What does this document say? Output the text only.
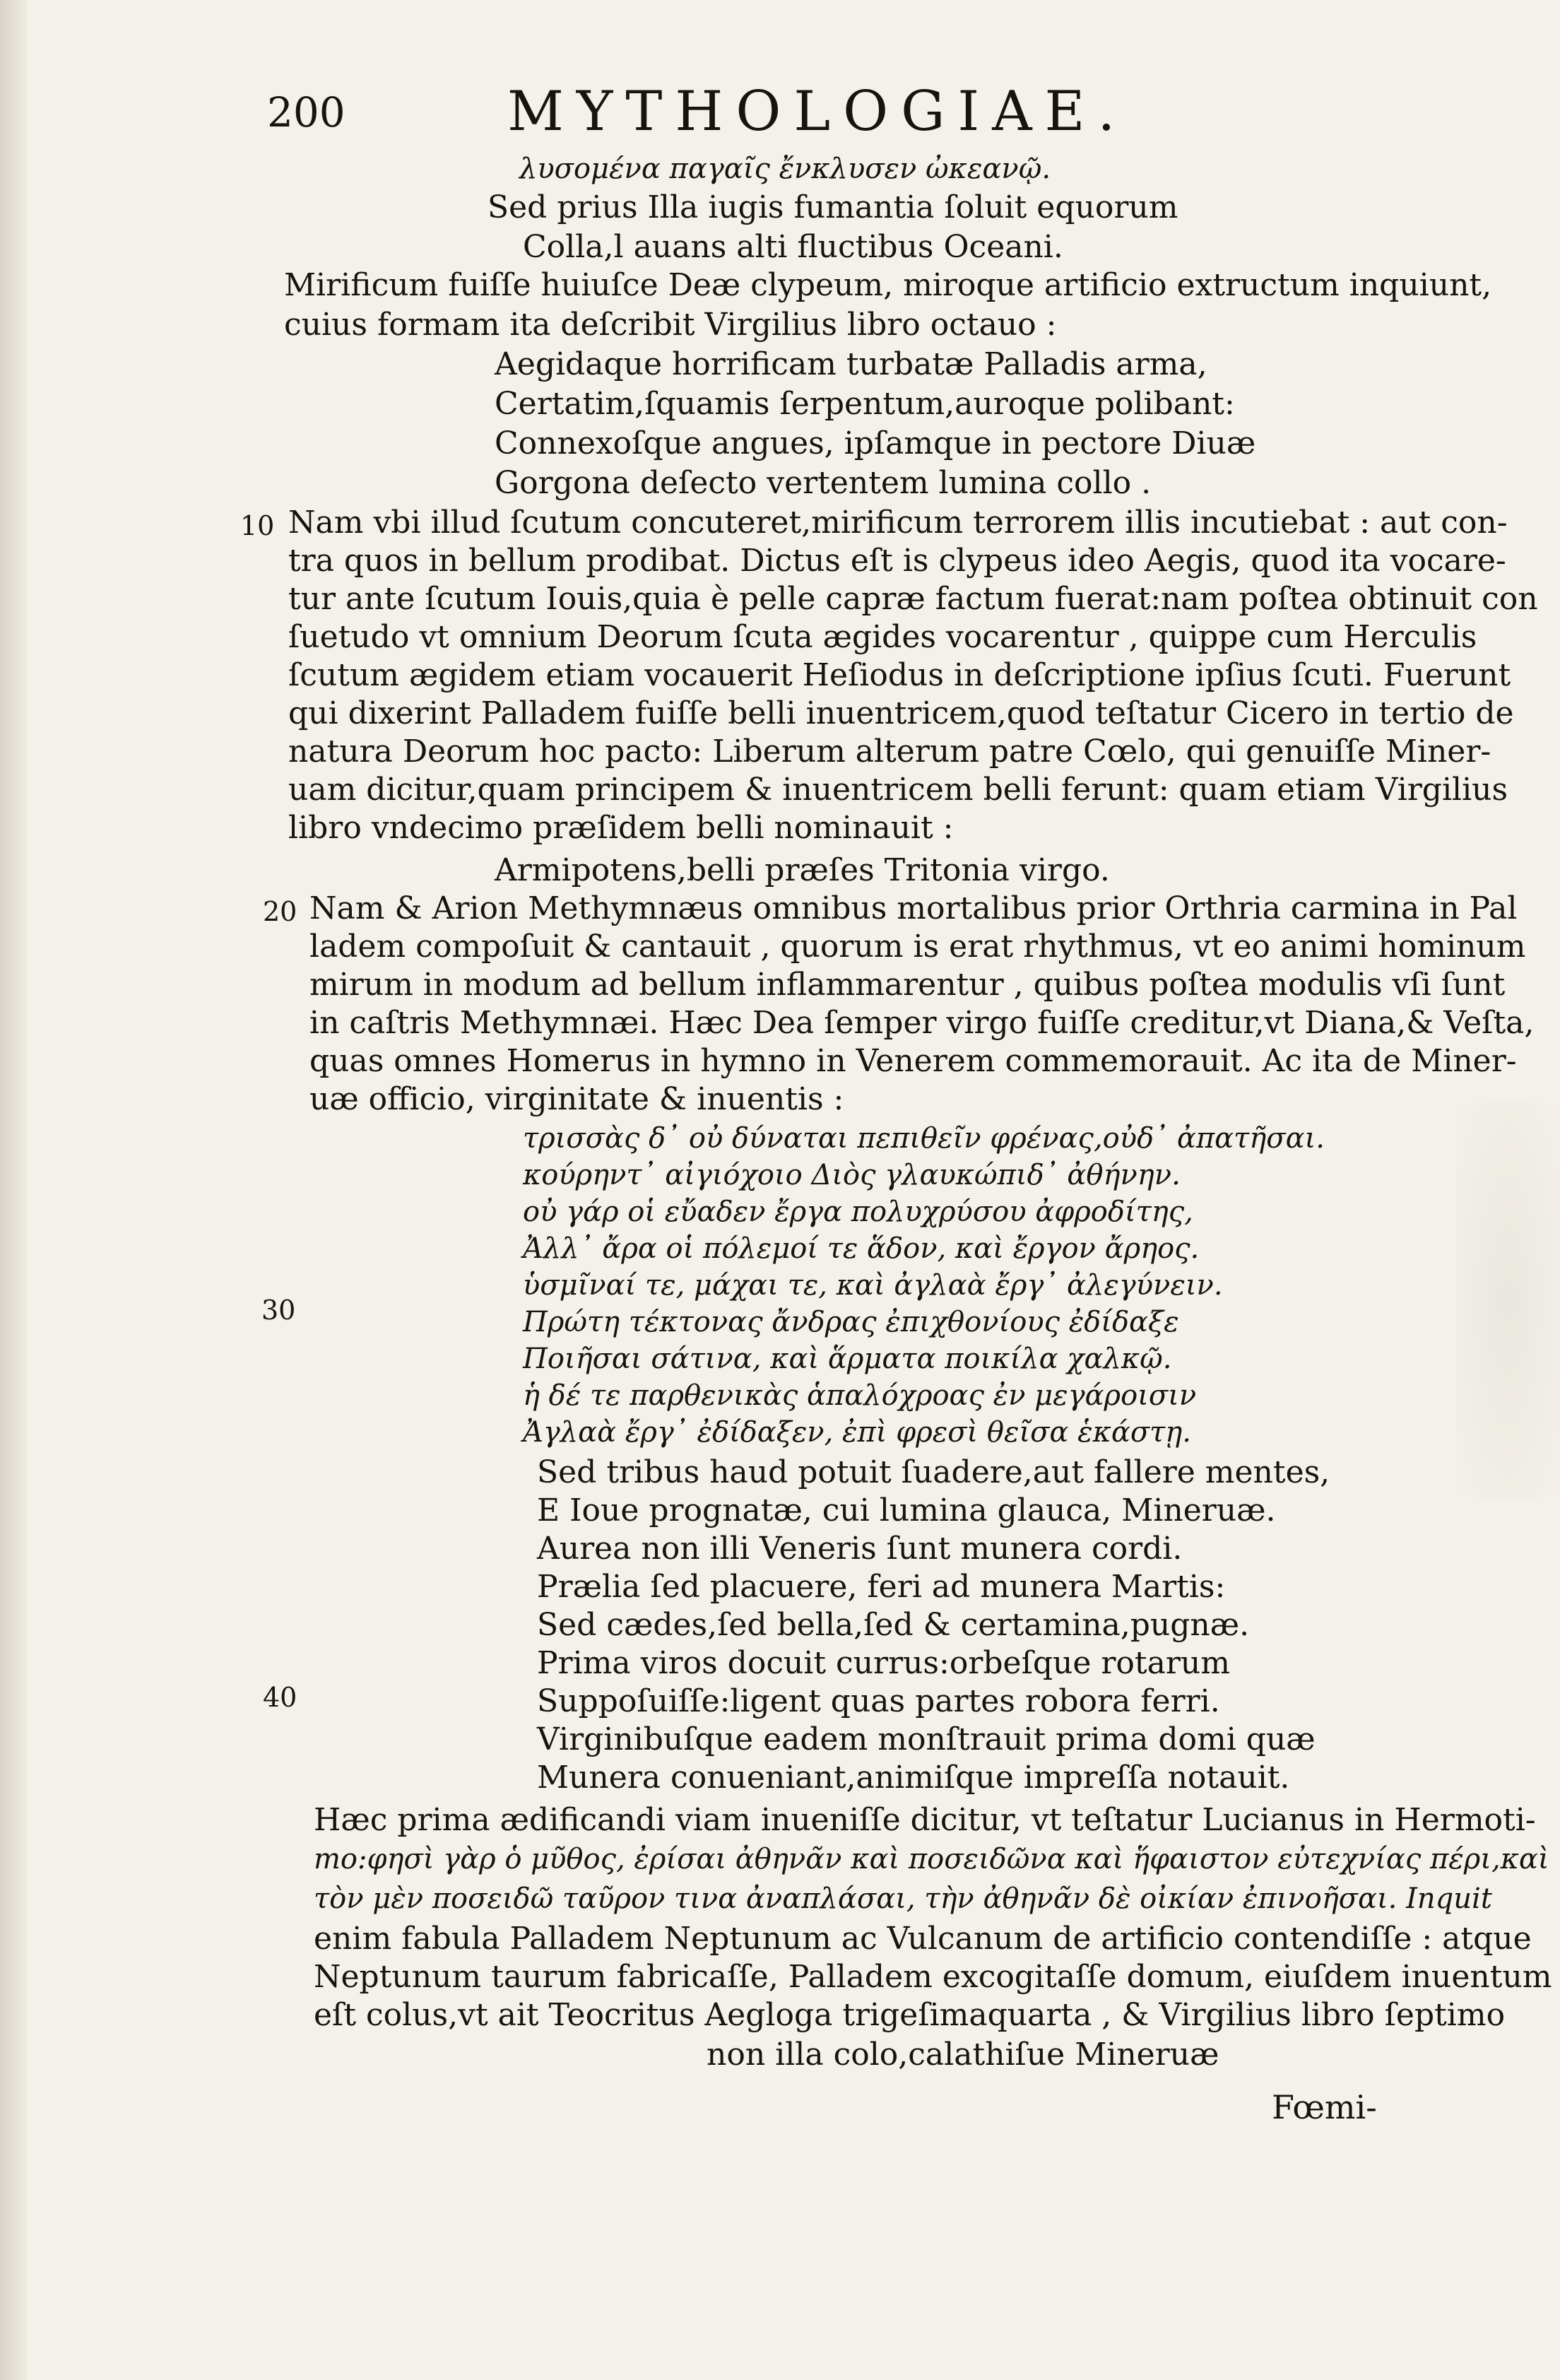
200	MYTHOLOGIAE.
λυσομένα παγαῖς ἔνκλυσεν ὠκεανῷ.
Sed prius Illa iugis fumantia ſoluit equorum
Colla,l auans alti fluctibus Oceani.
Mirificum fuiſſe huiuſce Deæ clypeum, miroque artificio extructum inquiunt,
cuius formam ita deſcribit Virgilius libro octauo :
Aegidaque horrificam turbatæ Palladis arma,
Certatim,ſquamis ſerpentum,auroque polibant:
Connexoſque angues, ipſamque in pectore Diuæ
Gorgona deſecto vertentem lumina collo .
Nam vbi illud ſcutum concuteret,mirificum terrorem illis incutiebat : aut con-
tra quos in bellum prodibat. Dictus eſt is clypeus ideo Aegis, quod ita vocare-
tur ante ſcutum Iouis,quia è pelle capræ factum fuerat:nam poſtea obtinuit con
ſuetudo vt omnium Deorum ſcuta ægides vocarentur , quippe cum Herculis
ſcutum ægidem etiam vocauerit Heſiodus in deſcriptione ipſius ſcuti. Fuerunt
qui dixerint Palladem fuiſſe belli inuentricem,quod teſtatur Cicero in tertio de
natura Deorum hoc pacto: Liberum alterum patre Cœlo, qui genuiſſe Miner-
uam dicitur,quam principem & inuentricem belli ferunt: quam etiam Virgilius
libro vndecimo præſidem belli nominauit :
Armipotens,belli præſes Tritonia virgo.
Nam & Arion Methymnæus omnibus mortalibus prior Orthria carmina in Pal
ladem compoſuit & cantauit , quorum is erat rhythmus, vt eo animi hominum
mirum in modum ad bellum inflammarentur , quibus poſtea modulis vſi ſunt
in caſtris Methymnæi. Hæc Dea ſemper virgo fuiſſe creditur,vt Diana,& Veſta,
quas omnes Homerus in hymno in Venerem commemorauit. Ac ita de Miner-
uæ officio, virginitate & inuentis :
τρισσὰς δ᾽ οὐ δύναται πεπιθεῖν φρένας,οὐδ᾽ ἀπατῆσαι.
κούρηντ᾽ αἰγιόχοιο Διὸς γλαυκώπιδ᾽ ἀθήνην.
οὐ γάρ οἱ εὔαδεν ἔργα πολυχρύσου ἀφροδίτης,
Ἀλλ᾽ ἄρα οἱ πόλεμοί τε ἅδον, καὶ ἔργον ἄρηος.
ὑσμῖναί τε, μάχαι τε, καὶ ἀγλαὰ ἔργ᾽ ἀλεγύνειν.
Πρώτη τέκτονας ἄνδρας ἐπιχθονίους ἐδίδαξε
Ποιῆσαι σάτινα, καὶ ἅρματα ποικίλα χαλκῷ.
ἡ δέ τε παρθενικὰς ἁπαλόχροας ἐν μεγάροισιν
Ἀγλαὰ ἔργ᾽ ἐδίδαξεν, ἐπὶ φρεσὶ θεῖσα ἑκάστῃ.
Sed tribus haud potuit ſuadere,aut fallere mentes,
E Ioue prognatæ, cui lumina glauca, Mineruæ.
Aurea non illi Veneris ſunt munera cordi.
Prælia ſed placuere, feri ad munera Martis:
Sed cædes,ſed bella,ſed & certamina,pugnæ.
Prima viros docuit currus:orbeſque rotarum
Suppoſuiſſe:ligent quas partes robora ferri.
Virginibuſque eadem monſtrauit prima domi quæ
Munera conueniant,animiſque impreſſa notauit.
Hæc prima ædificandi viam inueniſſe dicitur, vt teſtatur Lucianus in Hermoti-
mo:φησὶ γὰρ ὁ μῦθος, ἐρίσαι ἀθηνᾶν καὶ ποσειδῶνα καὶ ἥφαιστον εὐτεχνίας πέρι,καὶ
τὸν μὲν ποσειδῶ ταῦρον τινα ἀναπλάσαι, τὴν ἀθηνᾶν δὲ οἰκίαν ἐπινοῆσαι. Inquit
enim fabula Palladem Neptunum ac Vulcanum de artificio contendiſſe : atque
Neptunum taurum fabricaſſe, Palladem excogitaſſe domum, eiuſdem inuentum
eſt colus,vt ait Teocritus Aegloga trigeſimaquarta , & Virgilius libro ſeptimo
non illa colo,calathiſue Mineruæ
10
20
30
40
Fœmi-
